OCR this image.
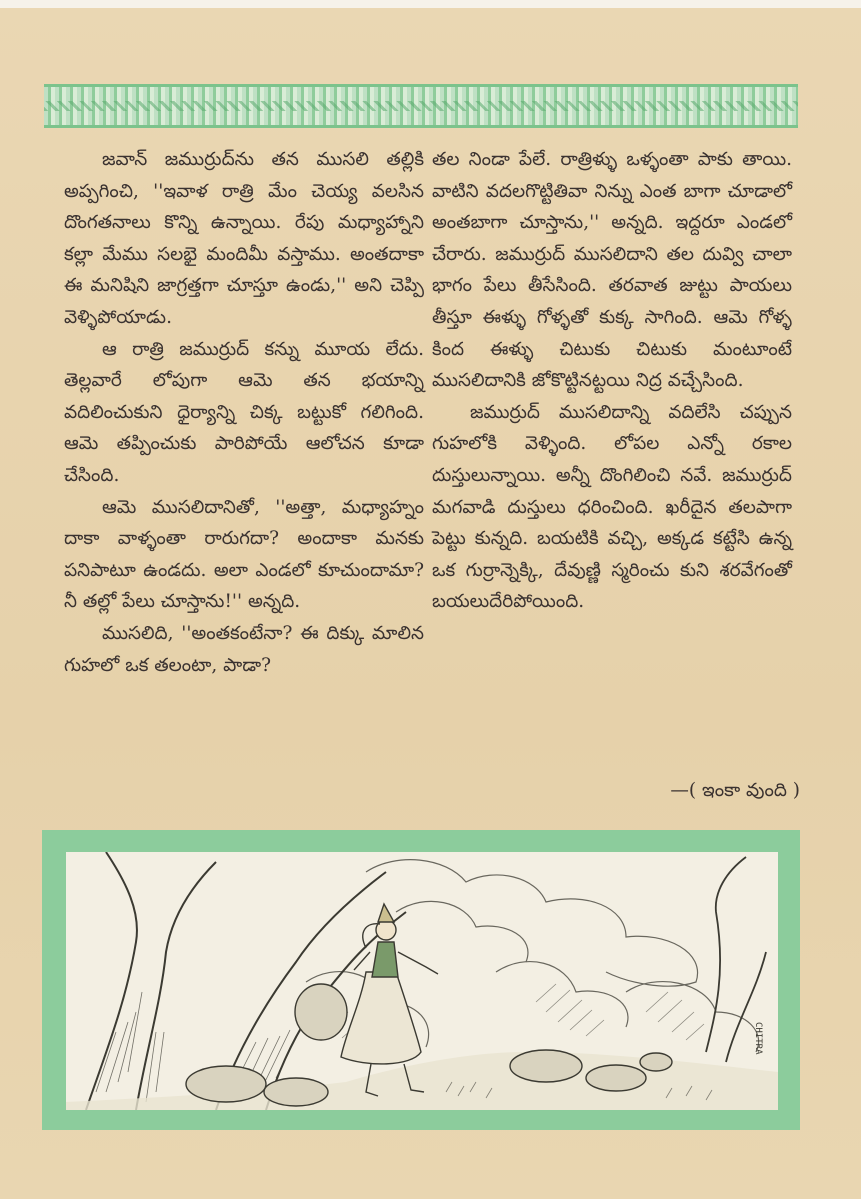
జవాన్ జముర్రుద్‌ను తన ముసలి తల్లికి అప్పగించి, ''ఇవాళ రాత్రి మేం చెయ్య వలసిన దొంగతనాలు కొన్ని ఉన్నాయి. రేపు మధ్యాహ్నాని కల్లా మేము సలభై మందిమీ వస్తాము. అంతదాకా ఈ మనిషిని జాగ్రత్తగా చూస్తూ ఉండు,'' అని చెప్పి వెళ్ళిపోయాడు.

ఆ రాత్రి జముర్రుద్ కన్ను మూయ లేదు. తెల్లవారే లోపుగా ఆమె తన భయాన్ని వదిలించుకుని ధైర్యాన్ని చిక్క బట్టుకో గలిగింది. ఆమె తప్పించుకు పారిపోయే ఆలోచన కూడా చేసింది.

ఆమె ముసలిదానితో, ''అత్తా, మధ్యాహ్నం దాకా వాళ్ళంతా రారుగదా? అందాకా మనకు పనిపాటూ ఉండదు. అలా ఎండలో కూచుందామా? నీ తల్లో పేలు చూస్తాను!'' అన్నది.

ముసలిది, ''అంతకంటేనా? ఈ దిక్కు మాలిన గుహలో ఒక తలంటా, పాడా?

తల నిండా పేలే. రాత్రిళ్ళు ఒళ్ళంతా పాకు తాయి. వాటిని వదలగొట్టితివా నిన్ను ఎంత బాగా చూడాలో అంతబాగా చూస్తాను,'' అన్నది. ఇద్దరూ ఎండలో చేరారు. జముర్రుద్ ముసలిదాని తల దువ్వి చాలా భాగం పేలు తీసేసింది. తరవాత జుట్టు పాయలు తీస్తూ ఈళ్ళు గోళ్ళతో కుక్క సాగింది. ఆమె గోళ్ళ కింద ఈళ్ళు చిటుకు చిటుకు మంటూంటే ముసలిదానికి జోకొట్టినట్టయి నిద్ర వచ్చేసింది.

జముర్రుద్ ముసలిదాన్ని వదిలేసి చప్పున గుహలోకి వెళ్ళింది. లోపల ఎన్నో రకాల దుస్తులున్నాయి. అన్నీ దొంగిలించి నవే. జముర్రుద్ మగవాడి దుస్తులు ధరించింది. ఖరీదైన తలపాగా పెట్టు కున్నది. బయటికి వచ్చి, అక్కడ కట్టేసి ఉన్న ఒక గుర్రాన్నెక్కి, దేవుణ్ణి స్మరించు కుని శరవేగంతో బయలుదేరిపోయింది.

—( ఇంకా వుంది )
CHITRA
